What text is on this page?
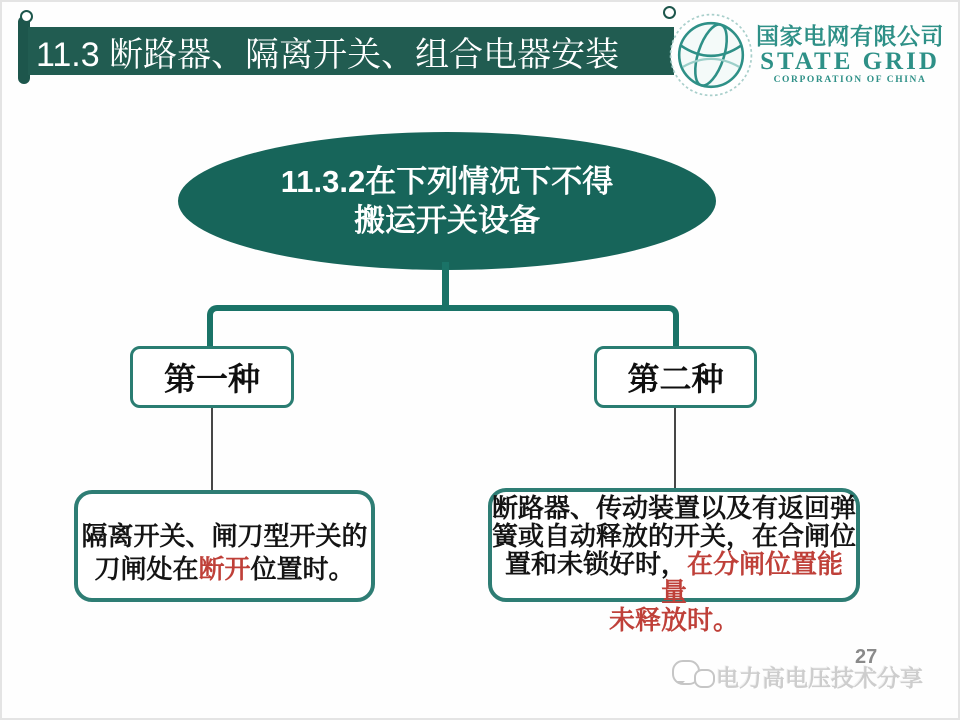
11.3 断路器、隔离开关、组合电器安装	国家电网有限公司
STATE GRID
CORPORATION OF CHINA
11.3.2在下列情况下不得
搬运开关设备
第一种	第二种
隔离开关、闸刀型开关的
刀闸处在断开位置时。
断路器、传动装置以及有返回弹
簧或自动释放的开关，在合闸位
置和未锁好时，在分闸位置能量
未释放时。
电力高电压技术分享
27
